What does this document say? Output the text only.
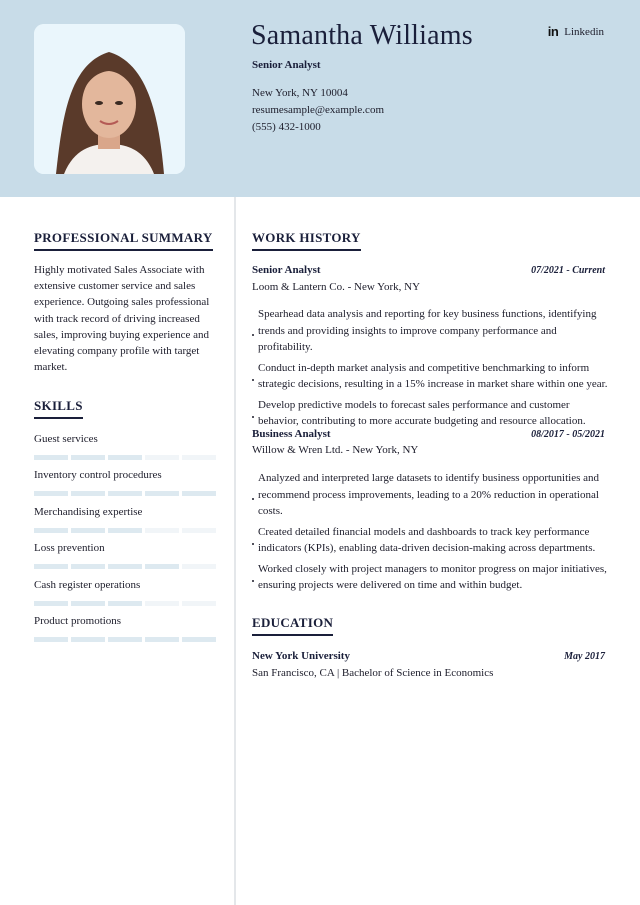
Samantha Williams
Senior Analyst
New York, NY 10004
resumesample@example.com
(555) 432-1000
in Linkedin
PROFESSIONAL SUMMARY
Highly motivated Sales Associate with extensive customer service and sales experience. Outgoing sales professional with track record of driving increased sales, improving buying experience and elevating company profile with target market.
SKILLS
Guest services
Inventory control procedures
Merchandising expertise
Loss prevention
Cash register operations
Product promotions
WORK HISTORY
Senior Analyst	07/2021 - Current
Loom & Lantern Co. - New York, NY
Spearhead data analysis and reporting for key business functions, identifying trends and providing insights to improve company performance and profitability.
Conduct in-depth market analysis and competitive benchmarking to inform strategic decisions, resulting in a 15% increase in market share within one year.
Develop predictive models to forecast sales performance and customer behavior, contributing to more accurate budgeting and resource allocation.
Business Analyst	08/2017 - 05/2021
Willow & Wren Ltd. - New York, NY
Analyzed and interpreted large datasets to identify business opportunities and recommend process improvements, leading to a 20% reduction in operational costs.
Created detailed financial models and dashboards to track key performance indicators (KPIs), enabling data-driven decision-making across departments.
Worked closely with project managers to monitor progress on major initiatives, ensuring projects were delivered on time and within budget.
EDUCATION
New York University	May 2017
San Francisco, CA | Bachelor of Science in Economics
